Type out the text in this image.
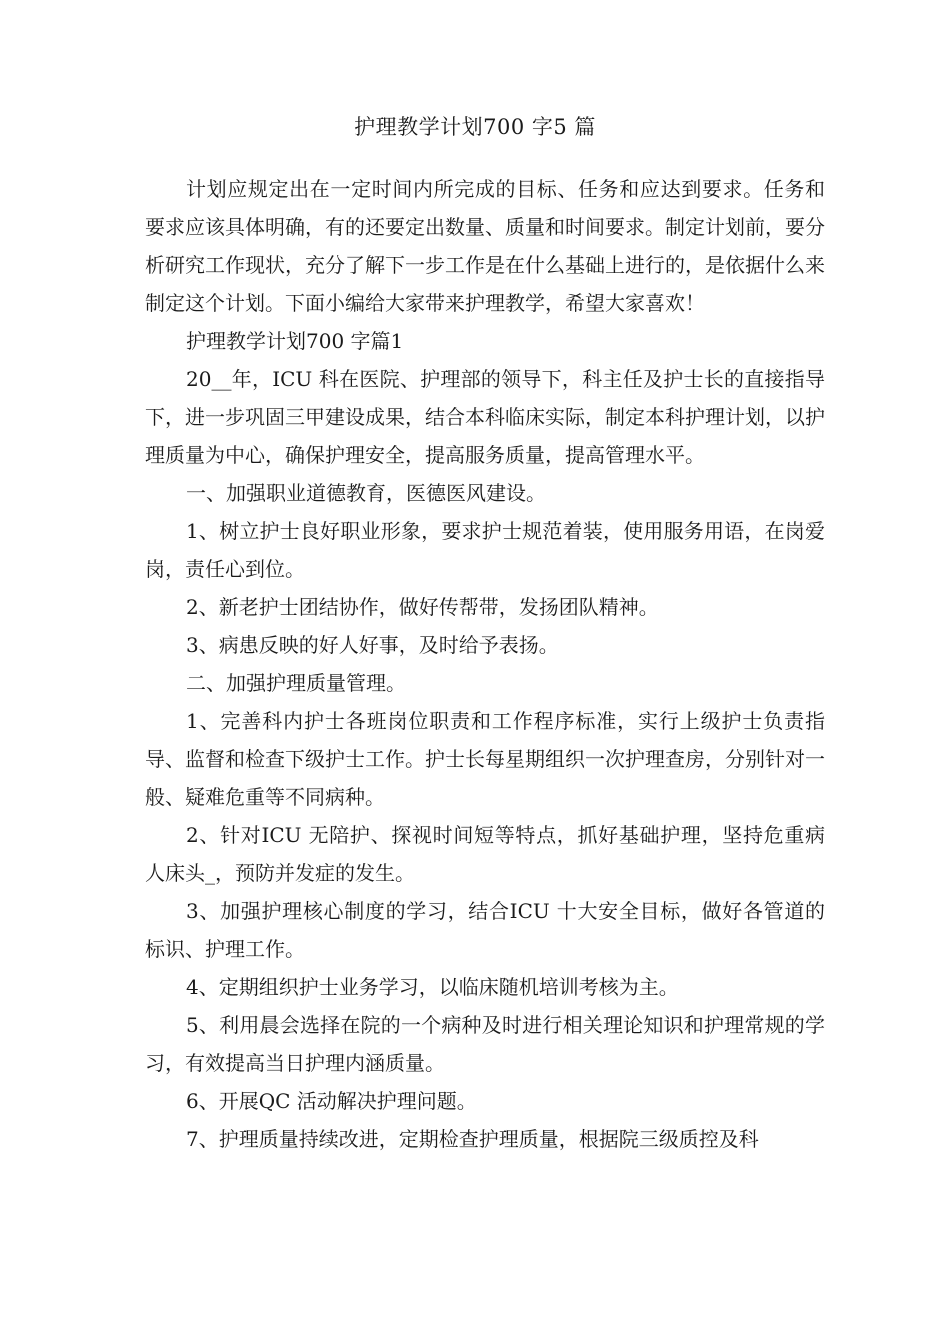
护理教学计划700 字5 篇

计划应规定出在一定时间内所完成的目标、任务和应达到要求。任务和要求应该具体明确，有的还要定出数量、质量和时间要求。制定计划前，要分析研究工作现状，充分了解下一步工作是在什么基础上进行的，是依据什么来制定这个计划。下面小编给大家带来护理教学，希望大家喜欢！

护理教学计划700 字篇1

20__年，ICU 科在医院、护理部的领导下，科主任及护士长的直接指导下，进一步巩固三甲建设成果，结合本科临床实际，制定本科护理计划，以护理质量为中心，确保护理安全，提高服务质量，提高管理水平。

一、加强职业道德教育，医德医风建设。

1、树立护士良好职业形象，要求护士规范着装，使用服务用语，在岗爱岗，责任心到位。

2、新老护士团结协作，做好传帮带，发扬团队精神。

3、病患反映的好人好事，及时给予表扬。

二、加强护理质量管理。

1、完善科内护士各班岗位职责和工作程序标准，实行上级护士负责指导、监督和检查下级护士工作。护士长每星期组织一次护理查房，分别针对一般、疑难危重等不同病种。

2、针对ICU 无陪护、探视时间短等特点，抓好基础护理，坚持危重病人床头_，预防并发症的发生。

3、加强护理核心制度的学习，结合ICU 十大安全目标，做好各管道的标识、护理工作。

4、定期组织护士业务学习，以临床随机培训考核为主。

5、利用晨会选择在院的一个病种及时进行相关理论知识和护理常规的学习，有效提高当日护理内涵质量。

6、开展QC 活动解决护理问题。

7、护理质量持续改进，定期检查护理质量，根据院三级质控及科
